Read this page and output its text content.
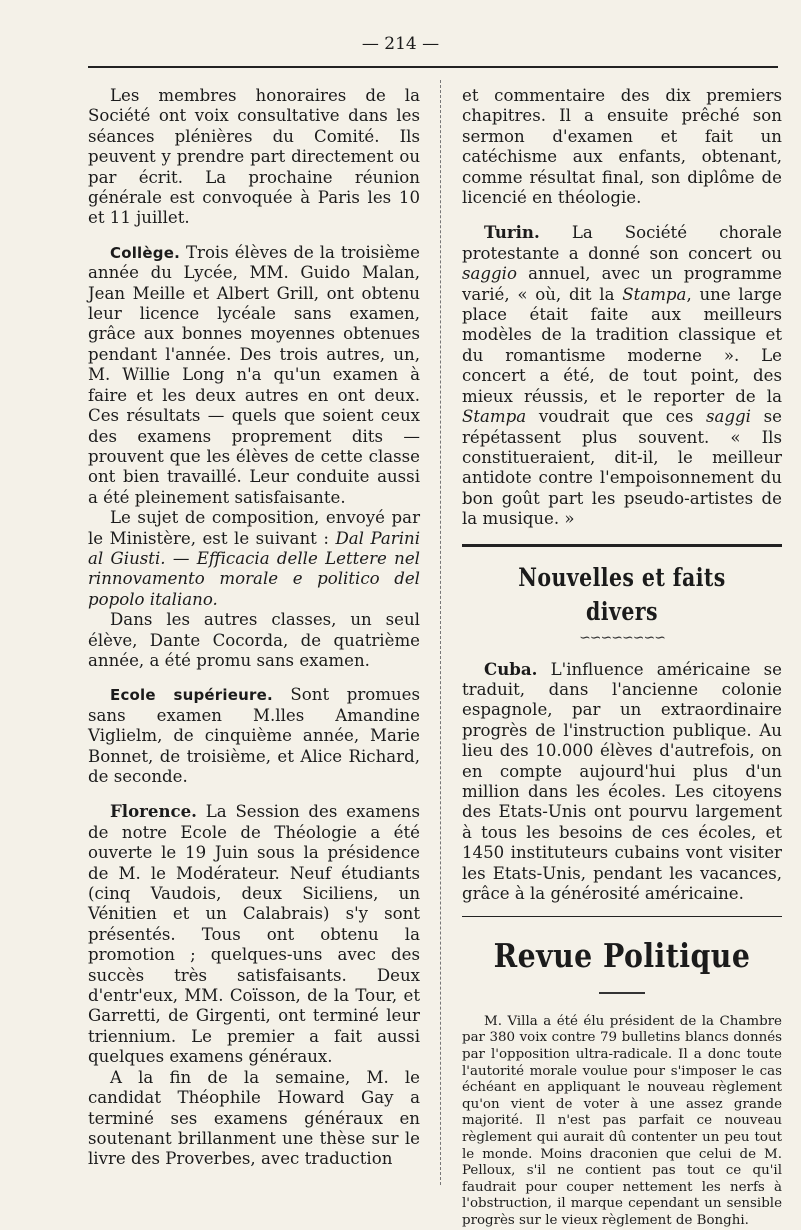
— 214 —

Les membres honoraires de la Société ont voix consultative dans les séances plénières du Comité. Ils peuvent y prendre part directement ou par écrit. La prochaine réunion générale est convoquée à Paris les 10 et 11 juillet.

Collège. Trois élèves de la troisième année du Lycée, MM. Guido Malan, Jean Meille et Albert Grill, ont obtenu leur licence lycéale sans examen, grâce aux bonnes moyennes obtenues pendant l'année. Des trois autres, un, M. Willie Long n'a qu'un examen à faire et les deux autres en ont deux. Ces résultats — quels que soient ceux des examens proprement dits — prouvent que les élèves de cette classe ont bien travaillé. Leur conduite aussi a été pleinement satisfaisante.

Le sujet de composition, envoyé par le Ministère, est le suivant : Dal Parini al Giusti. — Efficacia delle Lettere nel rinnovamento morale e politico del popolo italiano.

Dans les autres classes, un seul élève, Dante Cocorda, de quatrième année, a été promu sans examen.

Ecole supérieure. Sont promues sans examen M.lles Amandine Viglielm, de cinquième année, Marie Bonnet, de troisième, et Alice Richard, de seconde.

Florence. La Session des examens de notre Ecole de Théologie a été ouverte le 19 Juin sous la présidence de M. le Modérateur. Neuf étudiants (cinq Vaudois, deux Siciliens, un Vénitien et un Calabrais) s'y sont présentés. Tous ont obtenu la promotion ; quelques-uns avec des succès très satisfaisants. Deux d'entr'eux, MM. Coïsson, de la Tour, et Garretti, de Girgenti, ont terminé leur triennium. Le premier a fait aussi quelques examens généraux.

A la fin de la semaine, M. le candidat Théophile Howard Gay a terminé ses examens généraux en soutenant brillanment une thèse sur le livre des Proverbes, avec traduction

et commentaire des dix premiers chapitres. Il a ensuite prêché son sermon d'examen et fait un catéchisme aux enfants, obtenant, comme résultat final, son diplôme de licencié en théologie.

Turin. La Société chorale protestante a donné son concert ou saggio annuel, avec un programme varié, « où, dit la Stampa, une large place était faite aux meilleurs modèles de la tradition classique et du romantisme moderne ». Le concert a été, de tout point, des mieux réussis, et le reporter de la Stampa voudrait que ces saggi se répétassent plus souvent. « Ils constitueraient, dit-il, le meilleur antidote contre l'empoisonnement du bon goût part les pseudo-artistes de la musique. »

Nouvelles et faits divers
∽∽∽∽∽∽∽∽

Cuba. L'influence américaine se traduit, dans l'ancienne colonie espagnole, par un extraordinaire progrès de l'instruction publique. Au lieu des 10.000 élèves d'autrefois, on en compte aujourd'hui plus d'un million dans les écoles. Les citoyens des Etats-Unis ont pourvu largement à tous les besoins de ces écoles, et 1450 instituteurs cubains vont visiter les Etats-Unis, pendant les vacances, grâce à la générosité américaine.

Revue Politique

M. Villa a été élu président de la Chambre par 380 voix contre 79 bulletins blancs donnés par l'opposition ultra-radicale. Il a donc toute l'autorité morale voulue pour s'imposer le cas échéant en appliquant le nouveau règlement qu'on vient de voter à une assez grande majorité. Il n'est pas parfait ce nouveau règlement qui aurait dû contenter un peu tout le monde. Moins draconien que celui de M. Pelloux, s'il ne contient pas tout ce qu'il faudrait pour couper nettement les nerfs à l'obstruction, il marque cependant un sensible progrès sur le vieux règlement de Bonghi.
